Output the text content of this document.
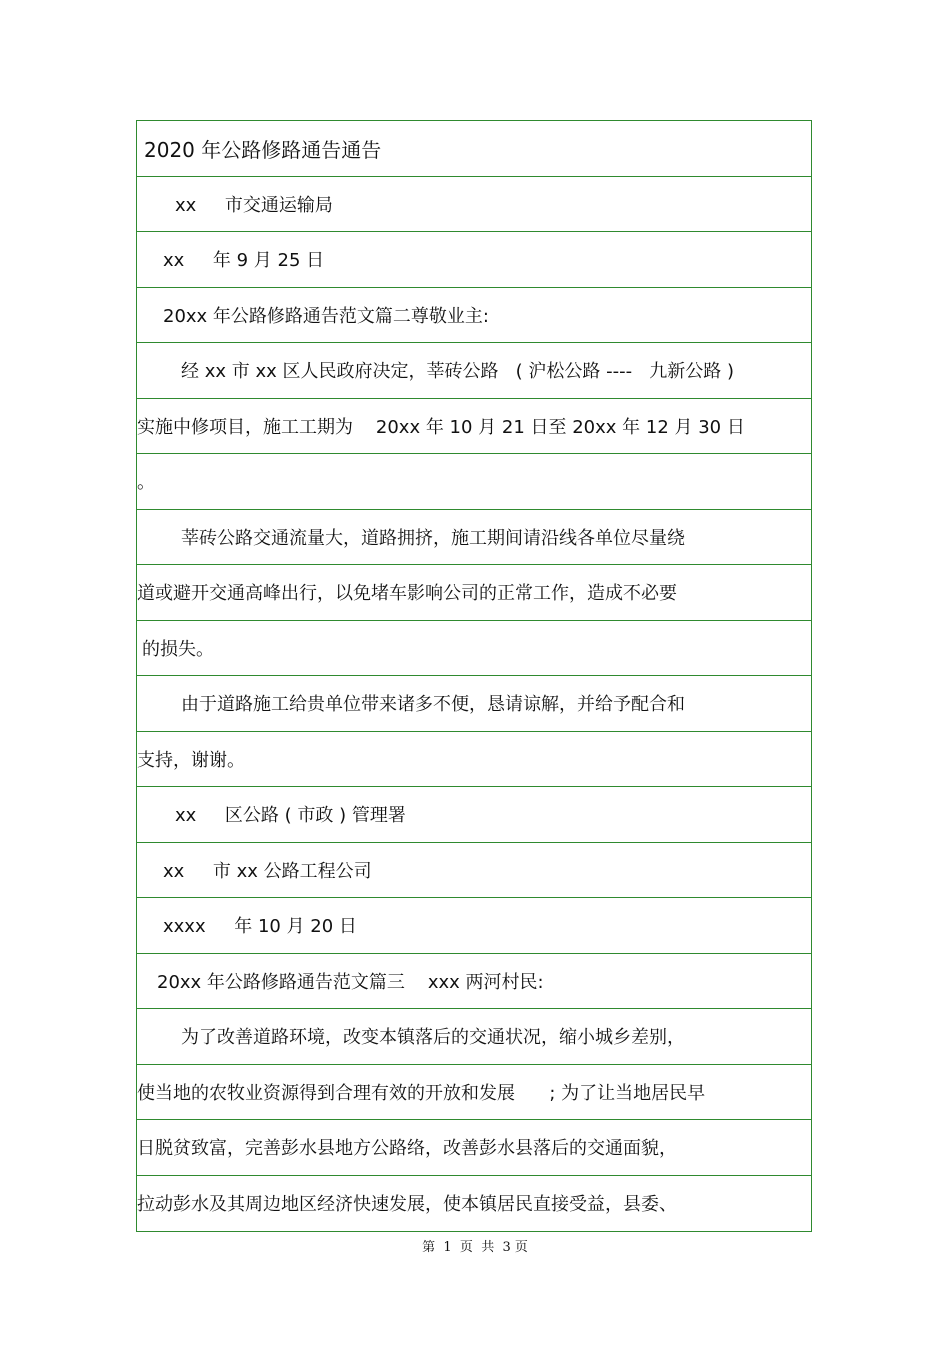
2020 年公路修路通告通告
xx     市交通运输局
xx     年 9 月 25 日
20xx 年公路修路通告范文篇二尊敬业主:
经 xx 市 xx 区人民政府决定，莘砖公路   ( 沪松公路 ----   九新公路 )
实施中修项目，施工工期为    20xx 年 10 月 21 日至 20xx 年 12 月 30 日
。
莘砖公路交通流量大，道路拥挤，施工期间请沿线各单位尽量绕
道或避开交通高峰出行，以免堵车影响公司的正常工作，造成不必要
的损失。
由于道路施工给贵单位带来诸多不便，恳请谅解，并给予配合和
支持，谢谢。
xx     区公路 ( 市政 ) 管理署
xx     市 xx 公路工程公司
xxxx     年 10 月 20 日
20xx 年公路修路通告范文篇三    xxx 两河村民:
为了改善道路环境，改变本镇落后的交通状况，缩小城乡差别，
使当地的农牧业资源得到合理有效的开放和发展      ; 为了让当地居民早
日脱贫致富，完善彭水县地方公路络，改善彭水县落后的交通面貌，
拉动彭水及其周边地区经济快速发展，使本镇居民直接受益，县委、
第  1  页  共  3 页
